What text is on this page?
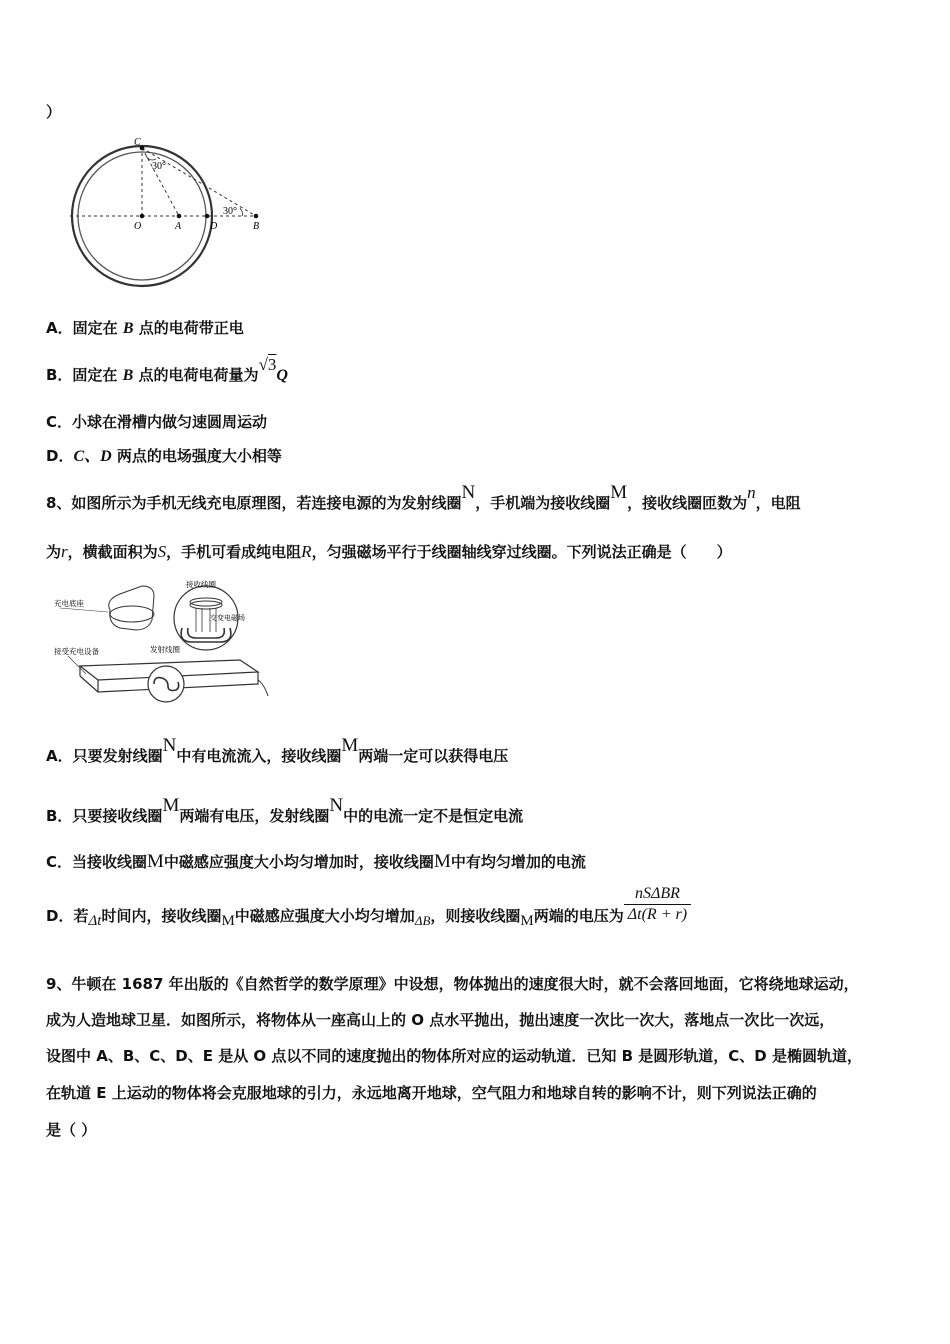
）
C
O	A	D	B
30°
30°
A．固定在 B 点的电荷带正电
B．固定在 B 点的电荷电荷量为√3Q
C．小球在滑槽内做匀速圆周运动
D．C、D 两点的电场强度大小相等
8、如图所示为手机无线充电原理图，若连接电源的为发射线圈N，手机端为接收线圈M，接收线圈匝数为n，电阻
为r，横截面积为S，手机可看成纯电阻R，匀强磁场平行于线圈轴线穿过线圈。下列说法正确是（　　）
充电底座
接收线圈
交变电磁场
发射线圈
接受充电设备
A．只要发射线圈N中有电流流入，接收线圈M两端一定可以获得电压
B．只要接收线圈M两端有电压，发射线圈N中的电流一定不是恒定电流
C．当接收线圈M中磁感应强度大小均匀增加时，接收线圈M中有均匀增加的电流
D．若Δt时间内，接收线圈M中磁感应强度大小均匀增加ΔB，则接收线圈M两端的电压为 $\frac{\text{nSΔBR}}{\Delta t(R + r)}$
9、牛顿在 1687 年出版的《自然哲学的数学原理》中设想，物体抛出的速度很大时，就不会落回地面，它将绕地球运动，
成为人造地球卫星．如图所示，将物体从一座高山上的 O 点水平抛出，抛出速度一次比一次大，落地点一次比一次远，
设图中 A、B、C、D、E 是从 O 点以不同的速度抛出的物体所对应的运动轨道．已知 B 是圆形轨道，C、D 是椭圆轨道，
在轨道 E 上运动的物体将会克服地球的引力，永远地离开地球，空气阻力和地球自转的影响不计，则下列说法正确的
是（ ）
